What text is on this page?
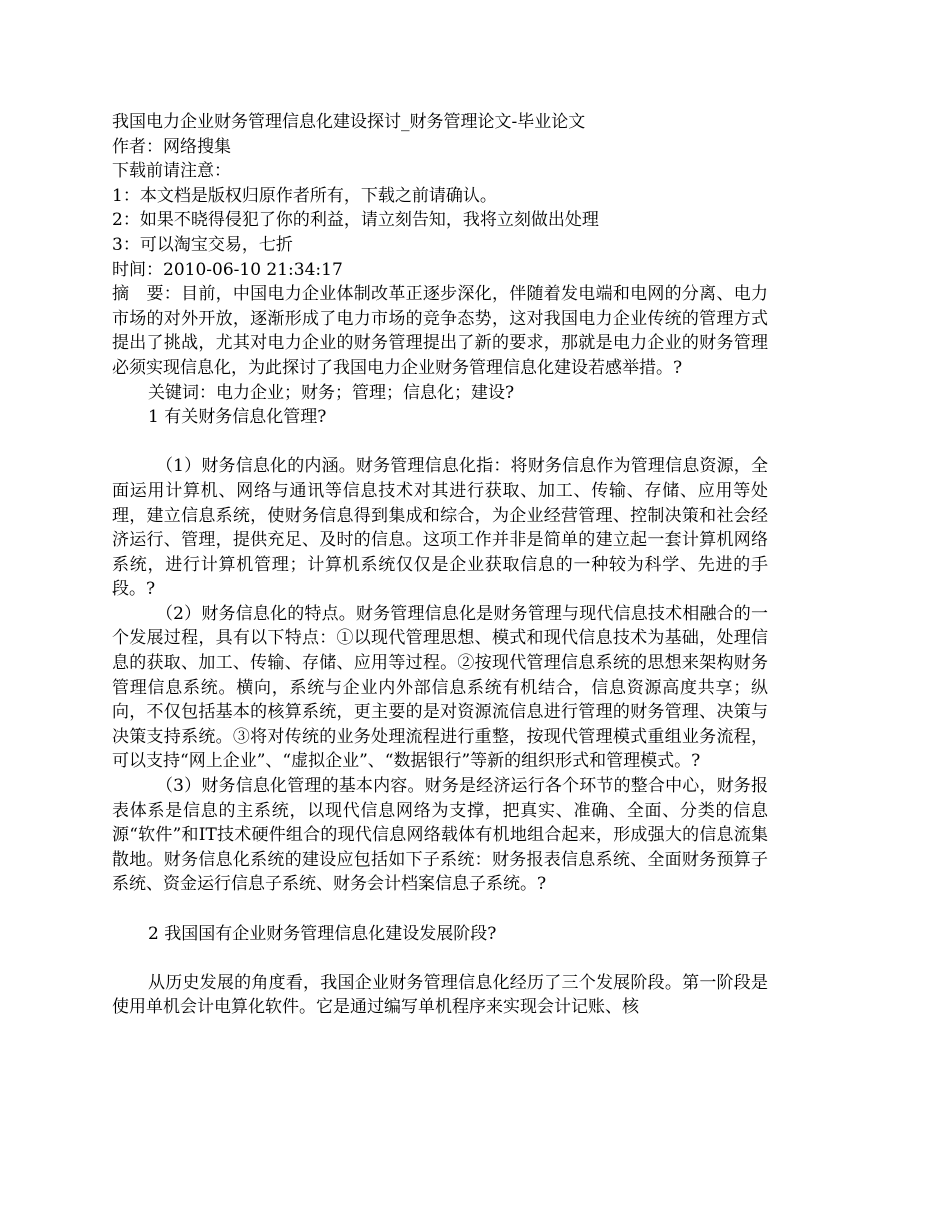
我国电力企业财务管理信息化建设探讨_财务管理论文-毕业论文
作者：网络搜集
下载前请注意：
1：本文档是版权归原作者所有，下载之前请确认。
2：如果不晓得侵犯了你的利益，请立刻告知，我将立刻做出处理
3：可以淘宝交易，七折
时间：2010-06-10 21:34:17
摘　要：目前，中国电力企业体制改革正逐步深化，伴随着发电端和电网的分离、电力市场的对外开放，逐渐形成了电力市场的竞争态势，这对我国电力企业传统的管理方式提出了挑战，尤其对电力企业的财务管理提出了新的要求，那就是电力企业的财务管理必须实现信息化，为此探讨了我国电力企业财务管理信息化建设若感举措。?
关键词：电力企业；财务；管理；信息化；建设?
1 有关财务信息化管理?
（1）财务信息化的内涵。财务管理信息化指：将财务信息作为管理信息资源，全面运用计算机、网络与通讯等信息技术对其进行获取、加工、传输、存储、应用等处理，建立信息系统，使财务信息得到集成和综合，为企业经营管理、控制决策和社会经济运行、管理，提供充足、及时的信息。这项工作并非是简单的建立起一套计算机网络系统，进行计算机管理；计算机系统仅仅是企业获取信息的一种较为科学、先进的手段。?
（2）财务信息化的特点。财务管理信息化是财务管理与现代信息技术相融合的一个发展过程，具有以下特点：①以现代管理思想、模式和现代信息技术为基础，处理信息的获取、加工、传输、存储、应用等过程。②按现代管理信息系统的思想来架构财务管理信息系统。横向，系统与企业内外部信息系统有机结合，信息资源高度共享；纵向，不仅包括基本的核算系统，更主要的是对资源流信息进行管理的财务管理、决策与决策支持系统。③将对传统的业务处理流程进行重整，按现代管理模式重组业务流程，可以支持“网上企业”、“虚拟企业”、“数据银行”等新的组织形式和管理模式。?
（3）财务信息化管理的基本内容。财务是经济运行各个环节的整合中心，财务报表体系是信息的主系统，以现代信息网络为支撑，把真实、准确、全面、分类的信息源“软件”和IT技术硬件组合的现代信息网络载体有机地组合起来，形成强大的信息流集散地。财务信息化系统的建设应包括如下子系统：财务报表信息系统、全面财务预算子系统、资金运行信息子系统、财务会计档案信息子系统。?
2 我国国有企业财务管理信息化建设发展阶段?
从历史发展的角度看，我国企业财务管理信息化经历了三个发展阶段。第一阶段是使用单机会计电算化软件。它是通过编写单机程序来实现会计记账、核
